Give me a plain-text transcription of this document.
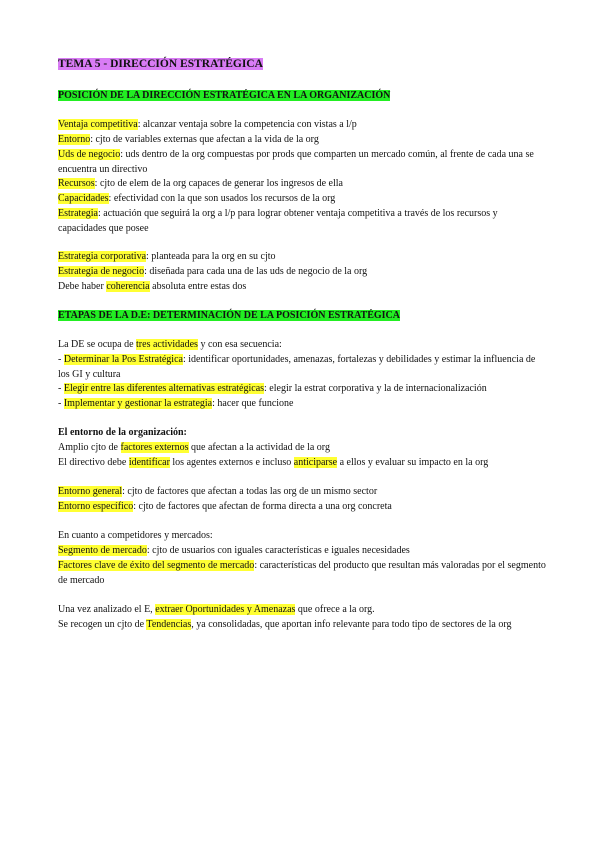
TEMA 5 - DIRECCIÓN ESTRATÉGICA
POSICIÓN DE LA DIRECCIÓN ESTRATÉGICA EN LA ORGANIZACIÓN
Ventaja competitiva: alcanzar ventaja sobre la competencia con vistas a l/p
Entorno: cjto de variables externas que afectan a la vida de la org
Uds de negocio: uds dentro de la org compuestas por prods que comparten un mercado común, al frente de cada una se encuentra un directivo
Recursos: cjto de elem de la org capaces de generar los ingresos de ella
Capacidades: efectividad con la que son usados los recursos de la org
Estrategia: actuación que seguirá la org a l/p para lograr obtener ventaja competitiva a través de los recursos y capacidades que posee
Estrategia corporativa: planteada para la org en su cjto
Estrategia de negocio: diseñada para cada una de las uds de negocio de la org
Debe haber coherencia absoluta entre estas dos
ETAPAS DE LA D.E: DETERMINACIÓN DE LA POSICIÓN ESTRATÉGICA
La DE se ocupa de tres actividades y con esa secuencia:
- Determinar la Pos Estratégica: identificar oportunidades, amenazas, fortalezas y debilidades y estimar la influencia de los GI y cultura
- Elegir entre las diferentes alternativas estratégicas: elegir la estrat corporativa y la de internacionalización
- Implementar y gestionar la estrategia: hacer que funcione
El entorno de la organización:
Amplio cjto de factores externos que afectan a la actividad de la org
El directivo debe identificar los agentes externos e incluso anticiparse a ellos y evaluar su impacto en la org
Entorno general: cjto de factores que afectan a todas las org de un mismo sector
Entorno específico: cjto de factores que afectan de forma directa a una org concreta
En cuanto a competidores y mercados:
Segmento de mercado: cjto de usuarios con iguales características e iguales necesidades
Factores clave de éxito del segmento de mercado: características del producto que resultan más valoradas por el segmento de mercado
Una vez analizado el E, extraer Oportunidades y Amenazas que ofrece a la org.
Se recogen un cjto de Tendencias, ya consolidadas, que aportan info relevante para todo tipo de sectores de la org
